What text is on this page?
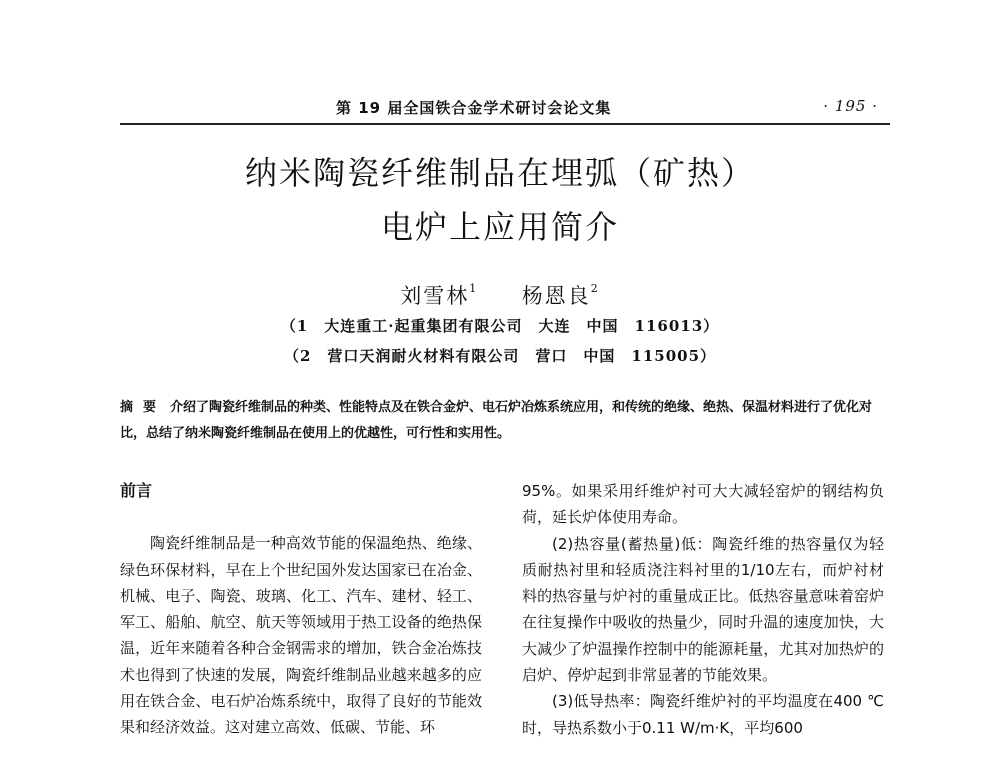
第 19 届全国铁合金学术研讨会论文集	· 195 ·
纳米陶瓷纤维制品在埋弧（矿热）
电炉上应用简介
刘雪林$^1$ 杨恩良$^2$
（1　大连重工·起重集团有限公司　大连　中国　116013）
（2　营口天润耐火材料有限公司　营口　中国　115005）
摘要 介绍了陶瓷纤维制品的种类、性能特点及在铁合金炉、电石炉冶炼系统应用，和传统的绝缘、绝热、保温材料进行了优化对比，总结了纳米陶瓷纤维制品在使用上的优越性，可行性和实用性。
前言

陶瓷纤维制品是一种高效节能的保温绝热、绝缘、绿色环保材料，早在上个世纪国外发达国家已在冶金、机械、电子、陶瓷、玻璃、化工、汽车、建材、轻工、军工、船舶、航空、航天等领域用于热工设备的绝热保温，近年来随着各种合金钢需求的增加，铁合金冶炼技术也得到了快速的发展，陶瓷纤维制品业越来越多的应用在铁合金、电石炉冶炼系统中，取得了良好的节能效果和经济效益。这对建立高效、低碳、节能、环

95%。如果采用纤维炉衬可大大减轻窑炉的钢结构负荷，延长炉体使用寿命。

(2)热容量(蓄热量)低：陶瓷纤维的热容量仅为轻质耐热衬里和轻质浇注料衬里的1/10左右，而炉衬材料的热容量与炉衬的重量成正比。低热容量意味着窑炉在往复操作中吸收的热量少，同时升温的速度加快，大大减少了炉温操作控制中的能源耗量，尤其对加热炉的启炉、停炉起到非常显著的节能效果。

(3)低导热率：陶瓷纤维炉衬的平均温度在400 ℃时，导热系数小于0.11 W/m·K，平均600
